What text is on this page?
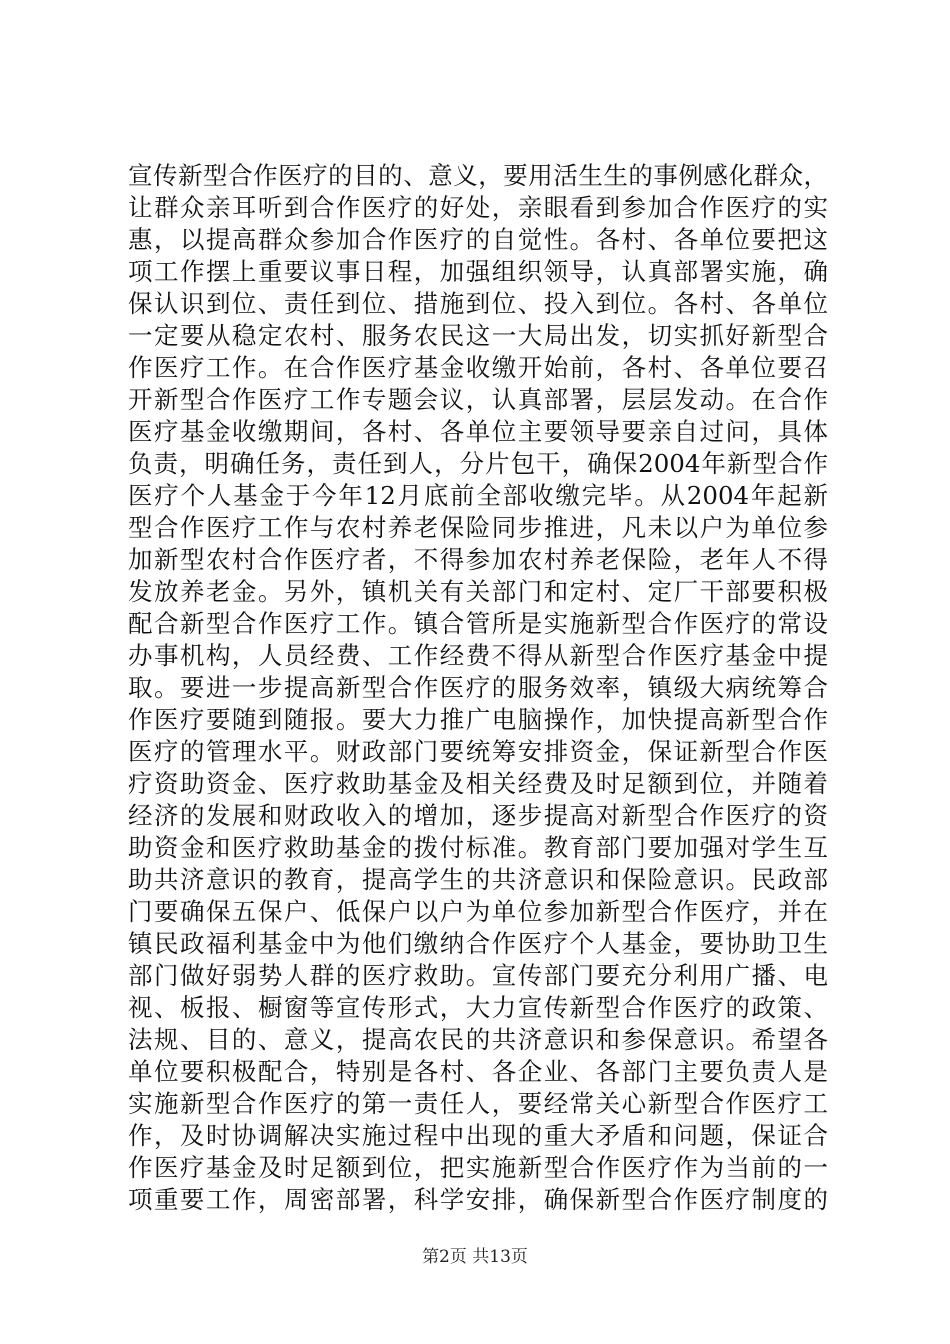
宣传新型合作医疗的目的、意义，要用活生生的事例感化群众，
让群众亲耳听到合作医疗的好处，亲眼看到参加合作医疗的实
惠，以提高群众参加合作医疗的自觉性。各村、各单位要把这
项工作摆上重要议事日程，加强组织领导，认真部署实施，确
保认识到位、责任到位、措施到位、投入到位。各村、各单位
一定要从稳定农村、服务农民这一大局出发，切实抓好新型合
作医疗工作。在合作医疗基金收缴开始前，各村、各单位要召
开新型合作医疗工作专题会议，认真部署，层层发动。在合作
医疗基金收缴期间，各村、各单位主要领导要亲自过问，具体
负责，明确任务，责任到人，分片包干，确保2004年新型合作
医疗个人基金于今年12月底前全部收缴完毕。从2004年起新
型合作医疗工作与农村养老保险同步推进，凡未以户为单位参
加新型农村合作医疗者，不得参加农村养老保险，老年人不得
发放养老金。另外，镇机关有关部门和定村、定厂干部要积极
配合新型合作医疗工作。镇合管所是实施新型合作医疗的常设
办事机构，人员经费、工作经费不得从新型合作医疗基金中提
取。要进一步提高新型合作医疗的服务效率，镇级大病统筹合
作医疗要随到随报。要大力推广电脑操作，加快提高新型合作
医疗的管理水平。财政部门要统筹安排资金，保证新型合作医
疗资助资金、医疗救助基金及相关经费及时足额到位，并随着
经济的发展和财政收入的增加，逐步提高对新型合作医疗的资
助资金和医疗救助基金的拨付标准。教育部门要加强对学生互
助共济意识的教育，提高学生的共济意识和保险意识。民政部
门要确保五保户、低保户以户为单位参加新型合作医疗，并在
镇民政福利基金中为他们缴纳合作医疗个人基金，要协助卫生
部门做好弱势人群的医疗救助。宣传部门要充分利用广播、电
视、板报、橱窗等宣传形式，大力宣传新型合作医疗的政策、
法规、目的、意义，提高农民的共济意识和参保意识。希望各
单位要积极配合，特别是各村、各企业、各部门主要负责人是
实施新型合作医疗的第一责任人，要经常关心新型合作医疗工
作，及时协调解决实施过程中出现的重大矛盾和问题，保证合
作医疗基金及时足额到位，把实施新型合作医疗作为当前的一
项重要工作，周密部署，科学安排，确保新型合作医疗制度的
第2页 共13页
